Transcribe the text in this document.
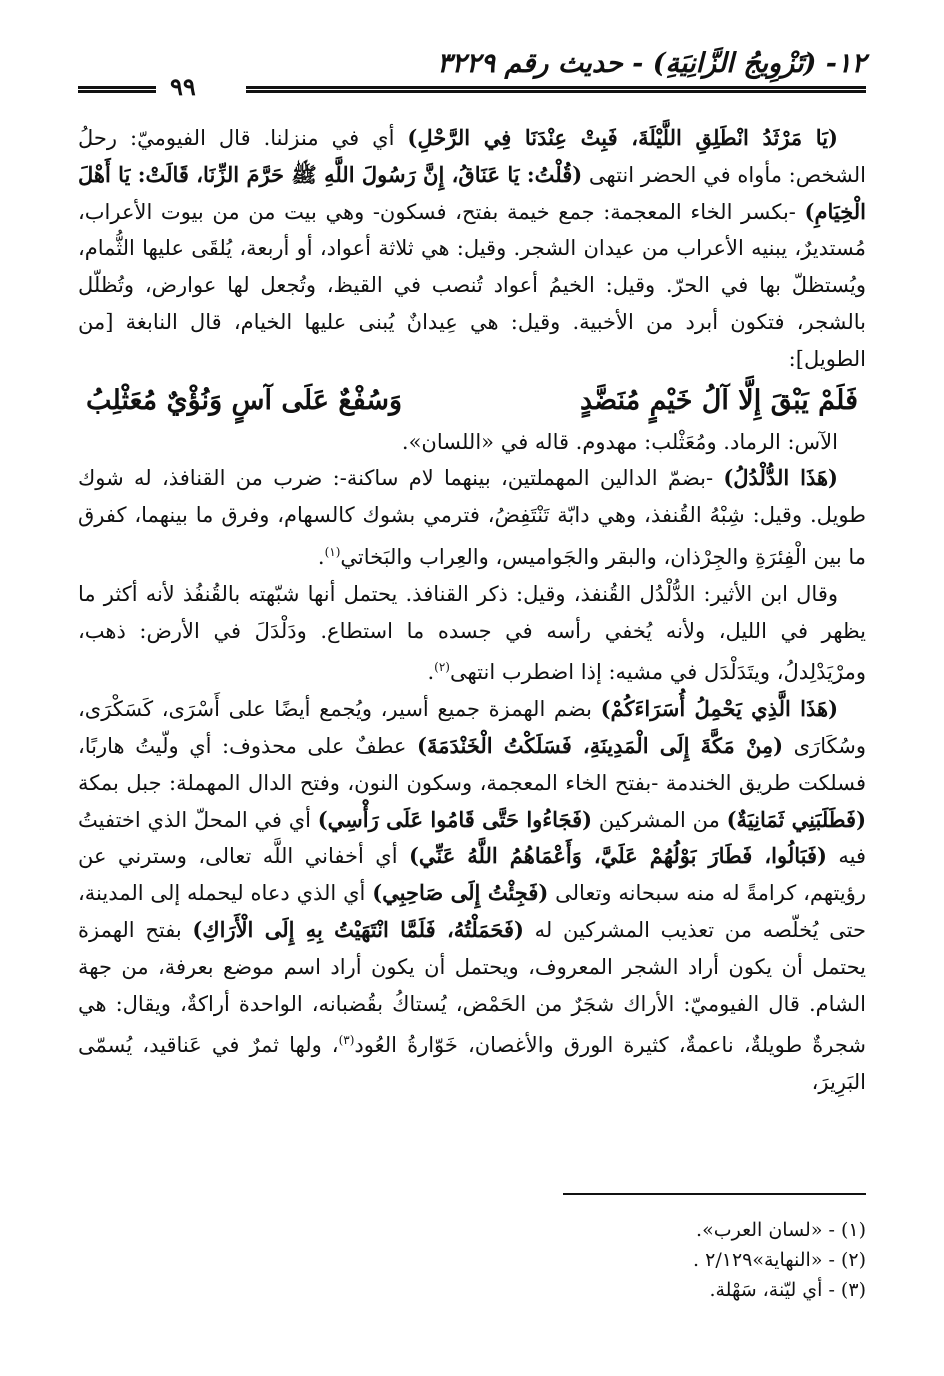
١٢- (تَزْوِيجُ الزَّانِيَةِ) - حديث رقم ٣٢٢٩
٩٩

(يَا مَرْثَدُ انْطَلِقِ اللَّيْلَةَ، فَبِتْ عِنْدَنَا فِي الرَّحْلِ) أي في منزلنا. قال الفيوميّ: رحلُ الشخص: مأواه في الحضر انتهى (قُلْتُ: يَا عَنَاقُ، إِنَّ رَسُولَ اللَّهِ ﷺ حَرَّمَ الزِّنَا، قَالَتْ: يَا أَهْلَ الْخِيَامِ) -بكسر الخاء المعجمة: جمع خيمة بفتح، فسكون- وهي بيت من من بيوت الأعراب، مُستديرٌ، يبنيه الأعراب من عيدان الشجر. وقيل: هي ثلاثة أعواد، أو أربعة، يُلقَى عليها الثُّمام، ويُستظلّ بها في الحرّ. وقيل: الخيمُ أعواد تُنصب في القيظ، وتُجعل لها عوارض، وتُظلّل بالشجر، فتكون أبرد من الأخبية. وقيل: هي عِيدانٌ يُبنى عليها الخيام، قال النابغة [من الطويل]:

فَلَمْ يَبْقَ إِلَّا آلُ خَيْمٍ مُنَضَّدٍ
وَسُفْعٌ عَلَى آسٍ وَنُؤْيٌ مُعَثْلِبُ

الآس: الرماد. ومُعَثْلب: مهدوم. قاله في «اللسان».

(هَذَا الدُّلْدُلُ) -بضمّ الدالين المهملتين، بينهما لام ساكنة-: ضرب من القنافذ، له شوك طويل. وقيل: شِبْهُ القُنفذ، وهي دابّة تَنْتَفِضُ، فترمي بشوك كالسهام، وفرق ما بينهما، كفرق ما بين الْفِئرَةِ والجِرْذان، والبقر والجَواميس، والعِراب والبَخاتي$^{(١)}$.

وقال ابن الأثير: الدُّلْدُل القُنفذ، وقيل: ذكر القنافذ. يحتمل أنها شبّهته بالقُنفُذ لأنه أكثر ما يظهر في الليل، ولأنه يُخفي رأسه في جسده ما استطاع. ودَلْدَلَ في الأرض: ذهب، ومرْيَدْلِدلُ، ويتَدَلْدَل في مشيه: إذا اضطرب انتهى$^{(٢)}$.

(هَذَا الَّذِي يَحْمِلُ أُسَرَاءَكُمْ) بضم الهمزة جميع أسير، ويُجمع أيضًا على أَسْرَى، كَسَكْرَى، وسُكَارَى (مِنْ مَكَّةَ إِلَى الْمَدِينَةِ، فَسَلَكْتُ الْخَنْدَمَةَ) عطفٌ على محذوف: أي ولّيتُ هاربًا، فسلكت طريق الخندمة -بفتح الخاء المعجمة، وسكون النون، وفتح الدال المهملة: جبل بمكة (فَطَلَبَنِي ثَمَانِيَةٌ) من المشركين (فَجَاءُوا حَتَّى قَامُوا عَلَى رَأْسِي) أي في المحلّ الذي اختفيتُ فيه (فَبَالُوا، فَطَارَ بَوْلُهُمْ عَلَيَّ، وَأَعْمَاهُمُ اللَّهُ عَنِّي) أي أخفاني اللَّه تعالى، وسترني عن رؤيتهم، كرامةً له منه سبحانه وتعالى (فَجِئْتُ إِلَى صَاحِبِي) أي الذي دعاه ليحمله إلى المدينة، حتى يُخلّصه من تعذيب المشركين له (فَحَمَلْتُهُ، فَلَمَّا انْتَهَيْتُ بِهِ إِلَى الْأَرَاكِ) بفتح الهمزة يحتمل أن يكون أراد الشجر المعروف، ويحتمل أن يكون أراد اسم موضع بعرفة، من جهة الشام. قال الفيوميّ: الأراك شجَرٌ من الحَمْض، يُستاكُ بقُضبانه، الواحدة أراكةٌ، ويقال: هي شجرةٌ طويلةٌ، ناعمةٌ، كثيرة الورق والأغصان، خَوّارةُ العُود$^{(٣)}$، ولها ثمرٌ في عَناقيد، يُسمّى البَرِيرَ،

(١) - «لسان العرب».
(٢) - «النهاية»٢/١٢٩ .
(٣) - أي ليّنة، سَهْلة.
